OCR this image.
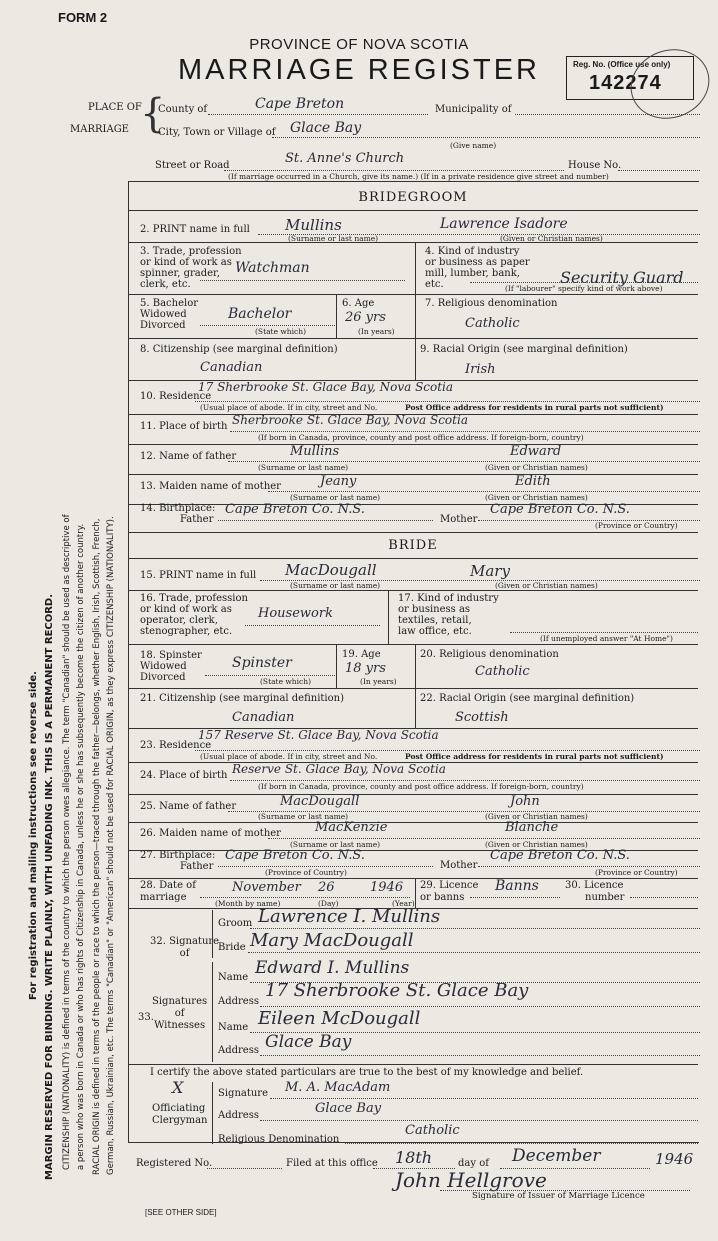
FORM 2
PROVINCE OF NOVA SCOTIA
MARRIAGE REGISTER	Reg. No. (Office use only)
142274
PLACE OF
MARRIAGE {
County of	Cape Breton	Municipality of
City, Town or Village of Glace Bay
(Give name)
Street or Road	St. Anne's Church	House No.
(If marriage occurred in a Church, give its name.) (If in a private residence give street and number)
For registration and mailing instructions see reverse side. MARGIN RESERVED FOR BINDING. WRITE PLAINLY, WITH UNFADING INK. THIS IS A PERMANENT RECORD. CITIZENSHIP (NATIONALITY) is defined in terms of the country to which the person owes allegiance. The term "Canadian" should be used as descriptive of a person who was born in Canada or who has rights of Citizenship in Canada, unless he or she has subsequently become the citizen of another country. RACIAL ORIGIN is defined in terms of the people or race to which the person—traced through the father—belongs, whether English, Irish, Scottish, French, German, Russian, Ukrainian, etc. The terms "Canadian" or "American" should not be used for RACIAL ORIGIN, as they express CITIZENSHIP (NATIONALITY).
BRIDEGROOM
2. PRINT name in full Mullins	Lawrence Isadore
(Surname or last name)	(Given or Christian names)
3. Trade, profession
or kind of work as
spinner, grader,
clerk, etc.
Watchman
4. Kind of industry
or business as paper
mill, lumber, bank,
etc.	Security Guard
(If "labourer" specify kind of work above)
5. Bachelor
Widowed
Divorced
Bachelor
(State which)
6. Age
26 yrs
(In years)
7. Religious denomination
Catholic
8. Citizenship (see marginal definition)
Canadian
9. Racial Origin (see marginal definition)
Irish
10. Residence
17 Sherbrooke St. Glace Bay, Nova Scotia
(Usual place of abode. If in city, street and No.	Post Office address for residents in rural parts not sufficient)
11. Place of birth Sherbrooke St. Glace Bay, Nova Scotia
(If born in Canada, province, county and post office address. If foreign-born, country)
12. Name of father	Mullins	Edward
(Surname or last name)	(Given or Christian names)
13. Maiden name of mother	Jeany	Edith
(Surname or last name)	(Given or Christian names)
14. Birthplace:
Father
Cape Breton Co. N.S.
Mother
Cape Breton Co. N.S.
(Province or Country)
BRIDE
15. PRINT name in full MacDougall	Mary
(Surname or last name)	(Given or Christian names)
16. Trade, profession
or kind of work as
operator, clerk,
stenographer, etc.
Housework
17. Kind of industry
or business as
textiles, retail,
law office, etc.
(If unemployed answer "At Home")
18. Spinster
Widowed
Divorced
Spinster
(State which)
19. Age
18 yrs
(In years)
20. Religious denomination
Catholic
21. Citizenship (see marginal definition)
Canadian
22. Racial Origin (see marginal definition)
Scottish
23. Residence
157 Reserve St. Glace Bay, Nova Scotia
(Usual place of abode. If in city, street and No.	Post Office address for residents in rural parts not sufficient)
24. Place of birth Reserve St. Glace Bay, Nova Scotia
(If born in Canada, province, county and post office address. If foreign-born, country)
25. Name of father	MacDougall	John
(Surname or last name)	(Given or Christian names)
26. Maiden name of mother	MacKenzie	Blanche
(Surname or last name)	(Given or Christian names)
27. Birthplace:
Father
Cape Breton Co. N.S.
(Province of Country)
Mother
Cape Breton Co. N.S.
(Province or Country)
28. Date of
marriage
November 26	1946
(Month by name)	(Day)	(Year)
29. Licence
or banns
Banns	30. Licence
number
32. Signature
of
Groom Lawrence I. Mullins
Bride Mary MacDougall
Signatures
of
Witnesses
33.
Name Edward I. Mullins
Address
17 Sherbrooke St. Glace Bay
Name Eileen McDougall
Address Glace Bay
I certify the above stated particulars are true to the best of my knowledge and belief.
X
Officiating
Clergyman
Signature M. A. MacAdam
Address	Glace Bay
Religious Denomination
Catholic
Registered No.	Filed at this office 18th	day of December	1946
John Hellgrove
Signature of Issuer of Marriage Licence
[SEE OTHER SIDE]
